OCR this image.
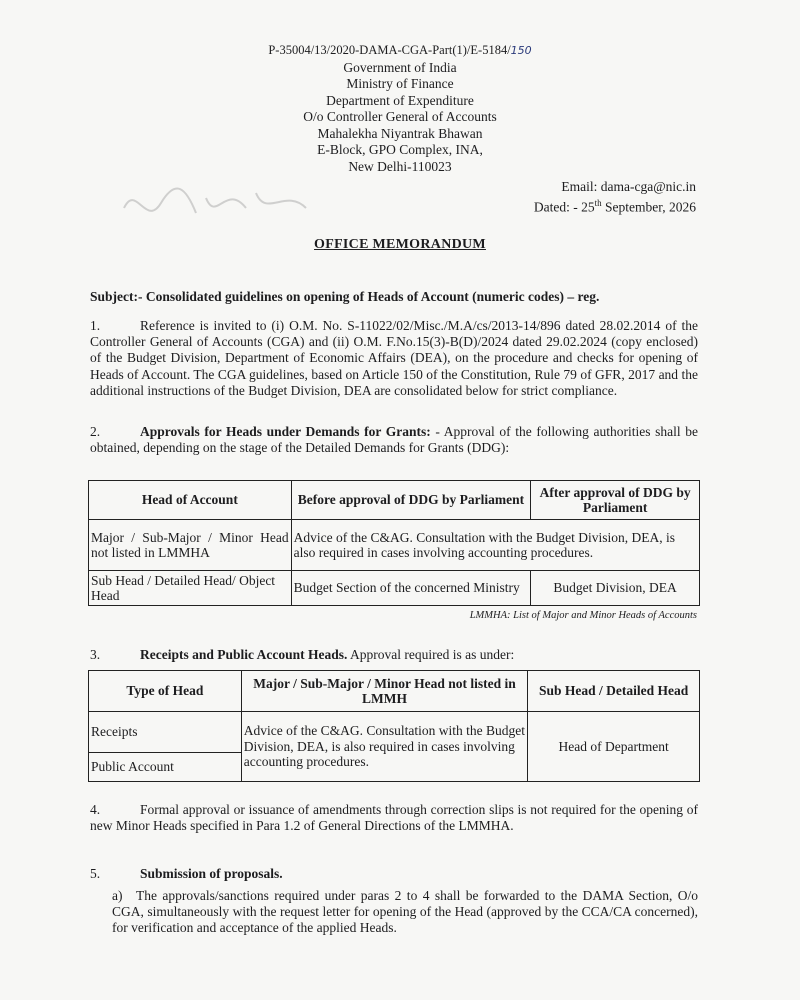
P-35004/13/2020-DAMA-CGA-Part(1)/E-5184/150
Government of India
Ministry of Finance
Department of Expenditure
O/o Controller General of Accounts
Mahalekha Niyantrak Bhawan
E-Block, GPO Complex, INA,
New Delhi-110023
Email: dama-cga@nic.in
Dated: - 25th September, 2026
OFFICE MEMORANDUM
Subject:- Consolidated guidelines on opening of Heads of Account (numeric codes) – reg.
1.	Reference is invited to (i) O.M. No. S-11022/02/Misc./M.A/cs/2013-14/896 dated 28.02.2014 of the Controller General of Accounts (CGA) and (ii) O.M. F.No.15(3)-B(D)/2024 dated 29.02.2024 (copy enclosed) of the Budget Division, Department of Economic Affairs (DEA), on the procedure and checks for opening of Heads of Account. The CGA guidelines, based on Article 150 of the Constitution, Rule 79 of GFR, 2017 and the additional instructions of the Budget Division, DEA are consolidated below for strict compliance.
2.	Approvals for Heads under Demands for Grants: - Approval of the following authorities shall be obtained, depending on the stage of the Detailed Demands for Grants (DDG):
Head of Account	Before approval of DDG by Parliament	After approval of DDG by Parliament
Major / Sub-Major / Minor Head not listed in LMMHA	Advice of the C&AG. Consultation with the Budget Division, DEA, is also required in cases involving accounting procedures.	
Sub Head / Detailed Head/ Object Head	Budget Section of the concerned Ministry	Budget Division, DEA
LMMHA: List of Major and Minor Heads of Accounts
3.	Receipts and Public Account Heads. Approval required is as under:
Type of Head	Major / Sub-Major / Minor Head not listed in LMMH	Sub Head / Detailed Head
Receipts	Advice of the C&AG. Consultation with the Budget Division, DEA, is also required in cases involving accounting procedures.	Head of Department
Public Account		
4.	Formal approval or issuance of amendments through correction slips is not required for the opening of new Minor Heads specified in Para 1.2 of General Directions of the LMMHA.
5.	Submission of proposals.
a) The approvals/sanctions required under paras 2 to 4 shall be forwarded to the DAMA Section, O/o CGA, simultaneously with the request letter for opening of the Head (approved by the CCA/CA concerned), for verification and acceptance of the applied Heads.
